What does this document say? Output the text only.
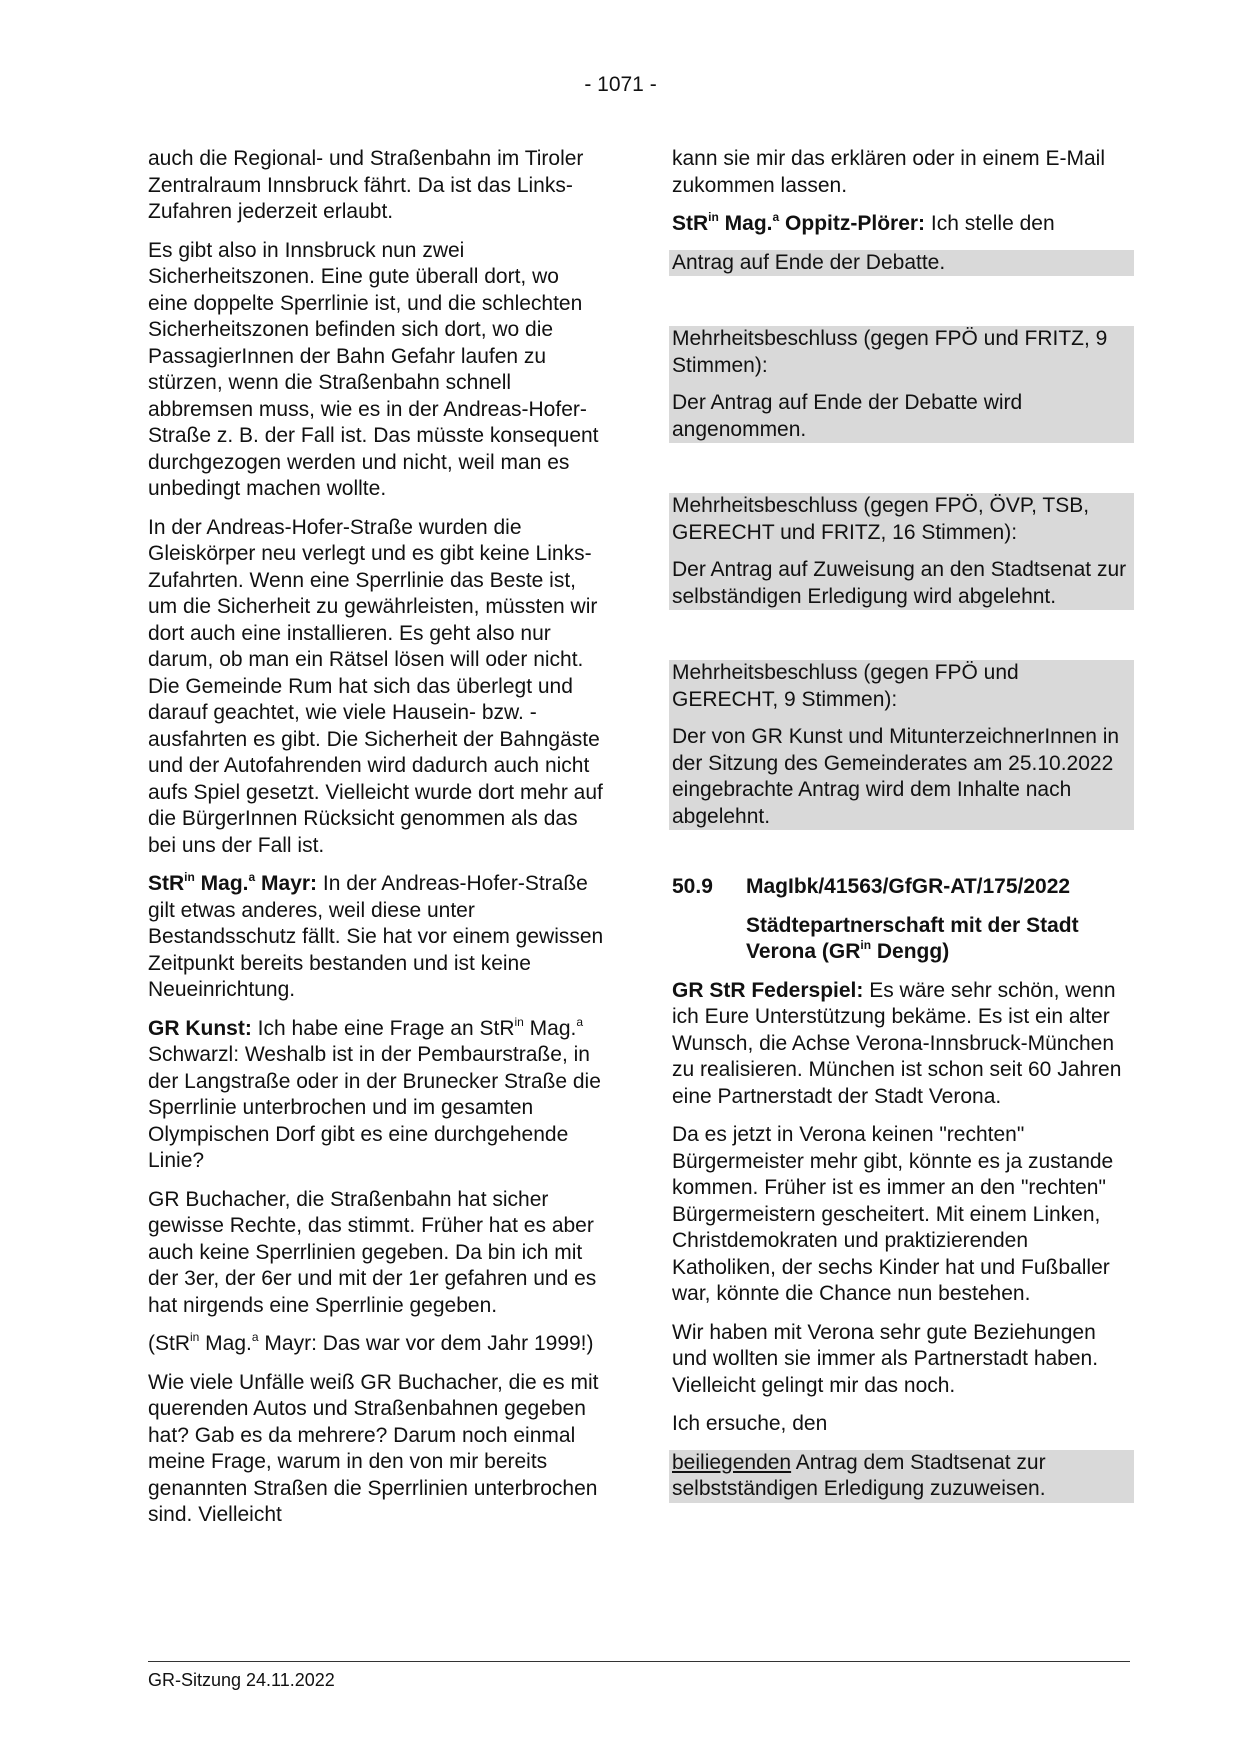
- 1071 -

auch die Regional- und Straßenbahn im Tiroler Zentralraum Innsbruck fährt. Da ist das Links-Zufahren jederzeit erlaubt.

Es gibt also in Innsbruck nun zwei Sicherheitszonen. Eine gute überall dort, wo eine doppelte Sperrlinie ist, und die schlechten Sicherheitszonen befinden sich dort, wo die PassagierInnen der Bahn Gefahr laufen zu stürzen, wenn die Straßenbahn schnell abbremsen muss, wie es in der Andreas-Hofer-Straße z. B. der Fall ist. Das müsste konsequent durchgezogen werden und nicht, weil man es unbedingt machen wollte.

In der Andreas-Hofer-Straße wurden die Gleiskörper neu verlegt und es gibt keine Links-Zufahrten. Wenn eine Sperrlinie das Beste ist, um die Sicherheit zu gewährleisten, müssten wir dort auch eine installieren. Es geht also nur darum, ob man ein Rätsel lösen will oder nicht. Die Gemeinde Rum hat sich das überlegt und darauf geachtet, wie viele Hausein- bzw. -ausfahrten es gibt. Die Sicherheit der Bahngäste und der Autofahrenden wird dadurch auch nicht aufs Spiel gesetzt. Vielleicht wurde dort mehr auf die BürgerInnen Rücksicht genommen als das bei uns der Fall ist.

StR$^{in}$ Mag.$^a$ Mayr: In der Andreas-Hofer-Straße gilt etwas anderes, weil diese unter Bestandsschutz fällt. Sie hat vor einem gewissen Zeitpunkt bereits bestanden und ist keine Neueinrichtung.

GR Kunst: Ich habe eine Frage an StR$^{in}$ Mag.$^a$ Schwarzl: Weshalb ist in der Pembaurstraße, in der Langstraße oder in der Brunecker Straße die Sperrlinie unterbrochen und im gesamten Olympischen Dorf gibt es eine durchgehende Linie?

GR Buchacher, die Straßenbahn hat sicher gewisse Rechte, das stimmt. Früher hat es aber auch keine Sperrlinien gegeben. Da bin ich mit der 3er, der 6er und mit der 1er gefahren und es hat nirgends eine Sperrlinie gegeben.

(StR$^{in}$ Mag.$^a$ Mayr: Das war vor dem Jahr 1999!)

Wie viele Unfälle weiß GR Buchacher, die es mit querenden Autos und Straßenbahnen gegeben hat? Gab es da mehrere? Darum noch einmal meine Frage, warum in den von mir bereits genannten Straßen die Sperrlinien unterbrochen sind. Vielleicht

kann sie mir das erklären oder in einem E-Mail zukommen lassen.

StR$^{in}$ Mag.$^a$ Oppitz-Plörer: Ich stelle den

Antrag auf Ende der Debatte.

Mehrheitsbeschluss (gegen FPÖ und FRITZ, 9 Stimmen):

Der Antrag auf Ende der Debatte wird angenommen.

Mehrheitsbeschluss (gegen FPÖ, ÖVP, TSB, GERECHT und FRITZ, 16 Stimmen):

Der Antrag auf Zuweisung an den Stadtsenat zur selbständigen Erledigung wird abgelehnt.

Mehrheitsbeschluss (gegen FPÖ und GERECHT, 9 Stimmen):

Der von GR Kunst und MitunterzeichnerInnen in der Sitzung des Gemeinderates am 25.10.2022 eingebrachte Antrag wird dem Inhalte nach abgelehnt.

50.9 MagIbk/41563/GfGR-AT/175/2022
Städtepartnerschaft mit der Stadt Verona ($GR^{in}$ Dengg)

GR StR Federspiel: Es wäre sehr schön, wenn ich Eure Unterstützung bekäme. Es ist ein alter Wunsch, die Achse Verona-Innsbruck-München zu realisieren. München ist schon seit 60 Jahren eine Partnerstadt der Stadt Verona.

Da es jetzt in Verona keinen "rechten" Bürgermeister mehr gibt, könnte es ja zustande kommen. Früher ist es immer an den "rechten" Bürgermeistern gescheitert. Mit einem Linken, Christdemokraten und praktizierenden Katholiken, der sechs Kinder hat und Fußballer war, könnte die Chance nun bestehen.

Wir haben mit Verona sehr gute Beziehungen und wollten sie immer als Partnerstadt haben. Vielleicht gelingt mir das noch.

Ich ersuche, den

beiliegenden Antrag dem Stadtsenat zur selbstständigen Erledigung zuzuweisen.

GR-Sitzung 24.11.2022
